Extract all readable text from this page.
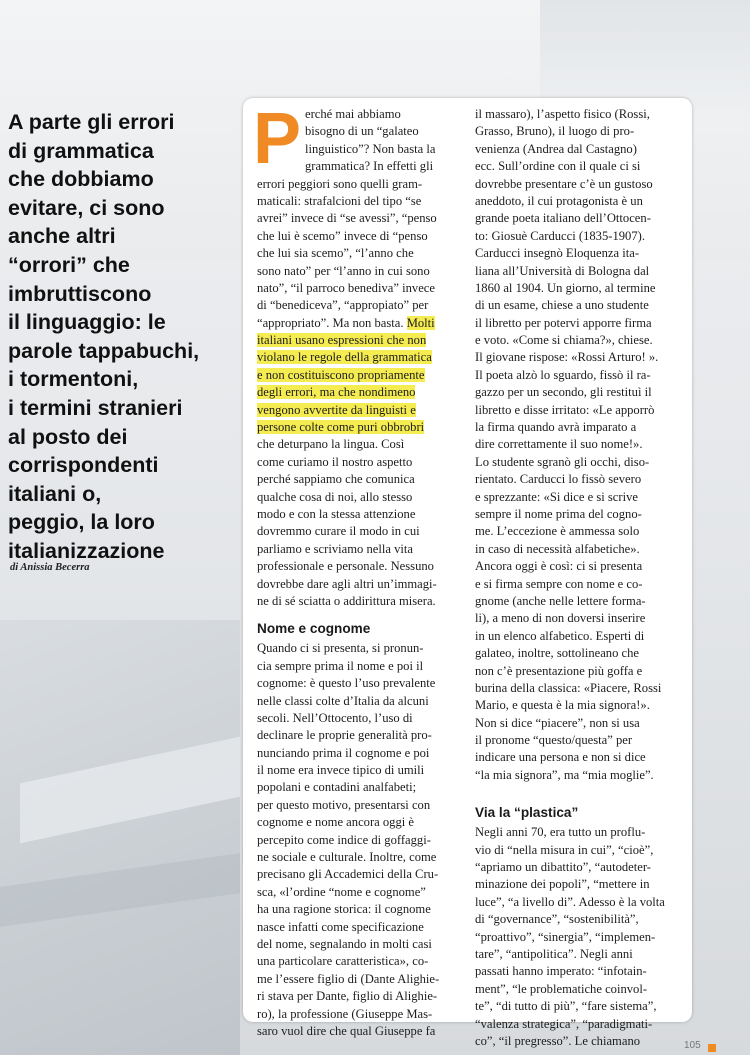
A parte gli errori
di grammatica
che dobbiamo
evitare, ci sono
anche altri
“orrori” che
imbruttiscono
il linguaggio: le
parole tappabuchi,
i tormentoni,
i termini stranieri
al posto dei
corrispondenti
italiani o,
peggio, la loro
italianizzazione
di Anissia Becerra
P erché mai abbiamo
bisogno di un “galateo
linguistico”? Non basta la
grammatica? In effetti gli
errori peggiori sono quelli gram-
maticali: strafalcioni del tipo “se
avrei” invece di “se avessi”, “penso
che lui è scemo” invece di “penso
che lui sia scemo”, “l’anno che
sono nato” per “l’anno in cui sono
nato”, “il parroco benediva” invece
di “benediceva”, “appropiato” per
“appropriato”. Ma non basta. Molti
italiani usano espressioni che non
violano le regole della grammatica
e non costituiscono propriamente
degli errori, ma che nondimeno
vengono avvertite da linguisti e
persone colte come puri obbrobri
che deturpano la lingua. Così
come curiamo il nostro aspetto
perché sappiamo che comunica
qualche cosa di noi, allo stesso
modo e con la stessa attenzione
dovremmo curare il modo in cui
parliamo e scriviamo nella vita
professionale e personale. Nessuno
dovrebbe dare agli altri un’immagi-
ne di sé sciatta o addirittura misera.
Nome e cognome
Quando ci si presenta, si pronun-
cia sempre prima il nome e poi il
cognome: è questo l’uso prevalente
nelle classi colte d’Italia da alcuni
secoli. Nell’Ottocento, l’uso di
declinare le proprie generalità pro-
nunciando prima il cognome e poi
il nome era invece tipico di umili
popolani e contadini analfabeti;
per questo motivo, presentarsi con
cognome e nome ancora oggi è
percepito come indice di goffaggi-
ne sociale e culturale. Inoltre, come
precisano gli Accademici della Cru-
sca, «l’ordine “nome e cognome”
ha una ragione storica: il cognome
nasce infatti come specificazione
del nome, segnalando in molti casi
una particolare caratteristica», co-
me l’essere figlio di (Dante Alighie-
ri stava per Dante, figlio di Alighie-
ro), la professione (Giuseppe Mas-
saro vuol dire che qual Giuseppe fa
il massaro), l’aspetto fisico (Rossi,
Grasso, Bruno), il luogo di pro-
venienza (Andrea dal Castagno)
ecc. Sull’ordine con il quale ci si
dovrebbe presentare c’è un gustoso
aneddoto, il cui protagonista è un
grande poeta italiano dell’Ottocen-
to: Giosuè Carducci (1835-1907).
Carducci insegnò Eloquenza ita-
liana all’Università di Bologna dal
1860 al 1904. Un giorno, al termine
di un esame, chiese a uno studente
il libretto per potervi apporre firma
e voto. «Come si chiama?», chiese.
Il giovane rispose: «Rossi Arturo! ».
Il poeta alzò lo sguardo, fissò il ra-
gazzo per un secondo, gli restituì il
libretto e disse irritato: «Le apporrò
la firma quando avrà imparato a
dire correttamente il suo nome!».
Lo studente sgranò gli occhi, diso-
rientato. Carducci lo fissò severo
e sprezzante: «Si dice e si scrive
sempre il nome prima del cogno-
me. L’eccezione è ammessa solo
in caso di necessità alfabetiche».
Ancora oggi è così: ci si presenta
e si firma sempre con nome e co-
gnome (anche nelle lettere forma-
li), a meno di non doversi inserire
in un elenco alfabetico. Esperti di
galateo, inoltre, sottolineano che
non c’è presentazione più goffa e
burina della classica: «Piacere, Rossi
Mario, e questa è la mia signora!».
Non si dice “piacere”, non si usa
il pronome “questo/questa” per
indicare una persona e non si dice
“la mia signora”, ma “mia moglie”.
Via la “plastica”
Negli anni 70, era tutto un proflu-
vio di “nella misura in cui”, “cioè”,
“apriamo un dibattito”, “autodeter-
minazione dei popoli”, “mettere in
luce”, “a livello di”. Adesso è la volta
di “governance”, “sostenibilità”,
“proattivo”, “sinergia”, “implemen-
tare”, “antipolitica”. Negli anni
passati hanno imperato: “infotain-
ment”, “le problematiche coinvol-
te”, “di tutto di più”, “fare sistema”,
“valenza strategica”, “paradigmati-
co”, “il pregresso”. Le chiamano	105
